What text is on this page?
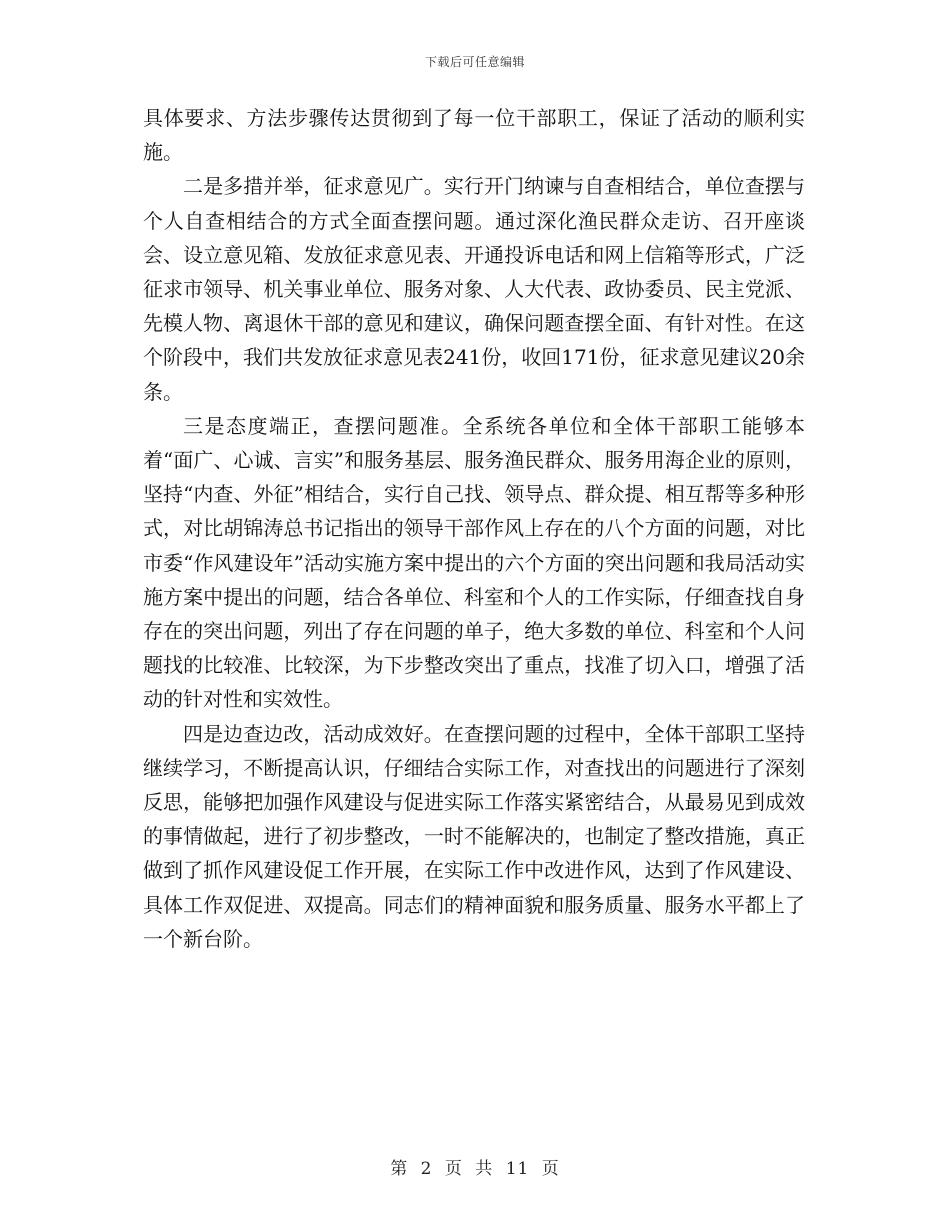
下载后可任意编辑

具体要求、方法步骤传达贯彻到了每一位干部职工，保证了活动的顺利实施。

二是多措并举，征求意见广。实行开门纳谏与自查相结合，单位查摆与个人自查相结合的方式全面查摆问题。通过深化渔民群众走访、召开座谈会、设立意见箱、发放征求意见表、开通投诉电话和网上信箱等形式，广泛征求市领导、机关事业单位、服务对象、人大代表、政协委员、民主党派、先模人物、离退休干部的意见和建议，确保问题查摆全面、有针对性。在这个阶段中，我们共发放征求意见表241份，收回171份，征求意见建议20余条。

三是态度端正，查摆问题准。全系统各单位和全体干部职工能够本着“面广、心诚、言实”和服务基层、服务渔民群众、服务用海企业的原则，坚持“内查、外征”相结合，实行自己找、领导点、群众提、相互帮等多种形式，对比胡锦涛总书记指出的领导干部作风上存在的八个方面的问题，对比市委“作风建设年”活动实施方案中提出的六个方面的突出问题和我局活动实施方案中提出的问题，结合各单位、科室和个人的工作实际，仔细查找自身存在的突出问题，列出了存在问题的单子，绝大多数的单位、科室和个人问题找的比较准、比较深，为下步整改突出了重点，找准了切入口，增强了活动的针对性和实效性。

四是边查边改，活动成效好。在查摆问题的过程中，全体干部职工坚持继续学习，不断提高认识，仔细结合实际工作，对查找出的问题进行了深刻反思，能够把加强作风建设与促进实际工作落实紧密结合，从最易见到成效的事情做起，进行了初步整改，一时不能解决的，也制定了整改措施，真正做到了抓作风建设促工作开展，在实际工作中改进作风，达到了作风建设、具体工作双促进、双提高。同志们的精神面貌和服务质量、服务水平都上了一个新台阶。

第 2 页 共 11 页
